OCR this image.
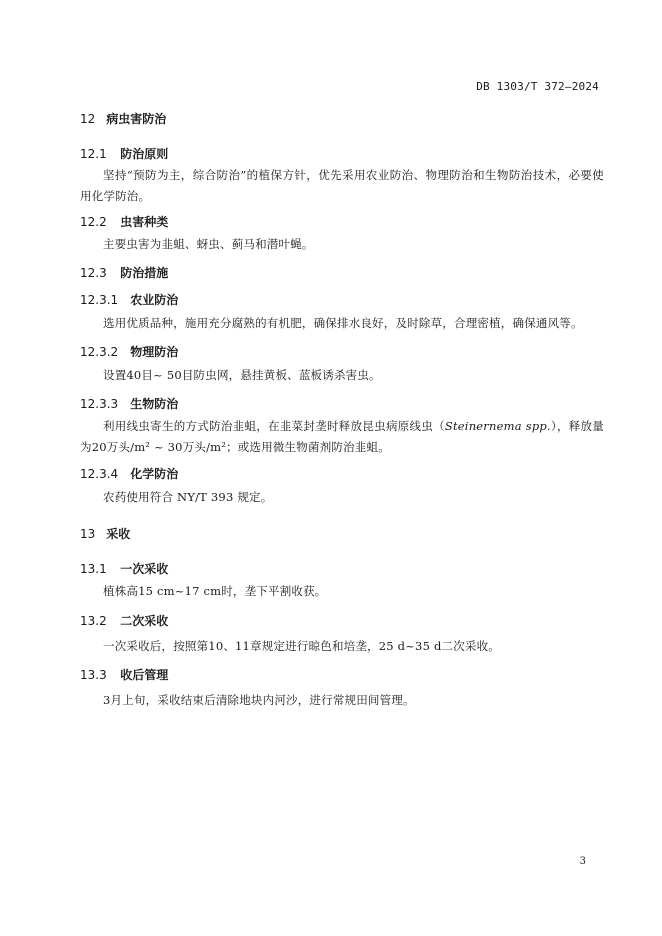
DB 1303/T 372—2024
12 病虫害防治
12.1 防治原则
坚持“预防为主，综合防治”的植保方针，优先采用农业防治、物理防治和生物防治技术，必要使用化学防治。
12.2 虫害种类
主要虫害为韭蛆、蚜虫、蓟马和潜叶蝇。
12.3 防治措施
12.3.1 农业防治
选用优质品种，施用充分腐熟的有机肥，确保排水良好，及时除草，合理密植，确保通风等。
12.3.2 物理防治
设置40目~ 50目防虫网，悬挂黄板、蓝板诱杀害虫。
12.3.3 生物防治
利用线虫寄生的方式防治韭蛆，在韭菜封垄时释放昆虫病原线虫（Steinernema spp.），释放量为20万头/m² ~ 30万头/m²；或选用微生物菌剂防治韭蛆。
12.3.4 化学防治
农药使用符合 NY/T 393 规定。
13 采收
13.1 一次采收
植株高15 cm~17 cm时，垄下平割收获。
13.2 二次采收
一次采收后，按照第10、11章规定进行晾色和培垄，25 d~35 d二次采收。
13.3 收后管理
3月上旬，采收结束后清除地块内河沙，进行常规田间管理。
3
